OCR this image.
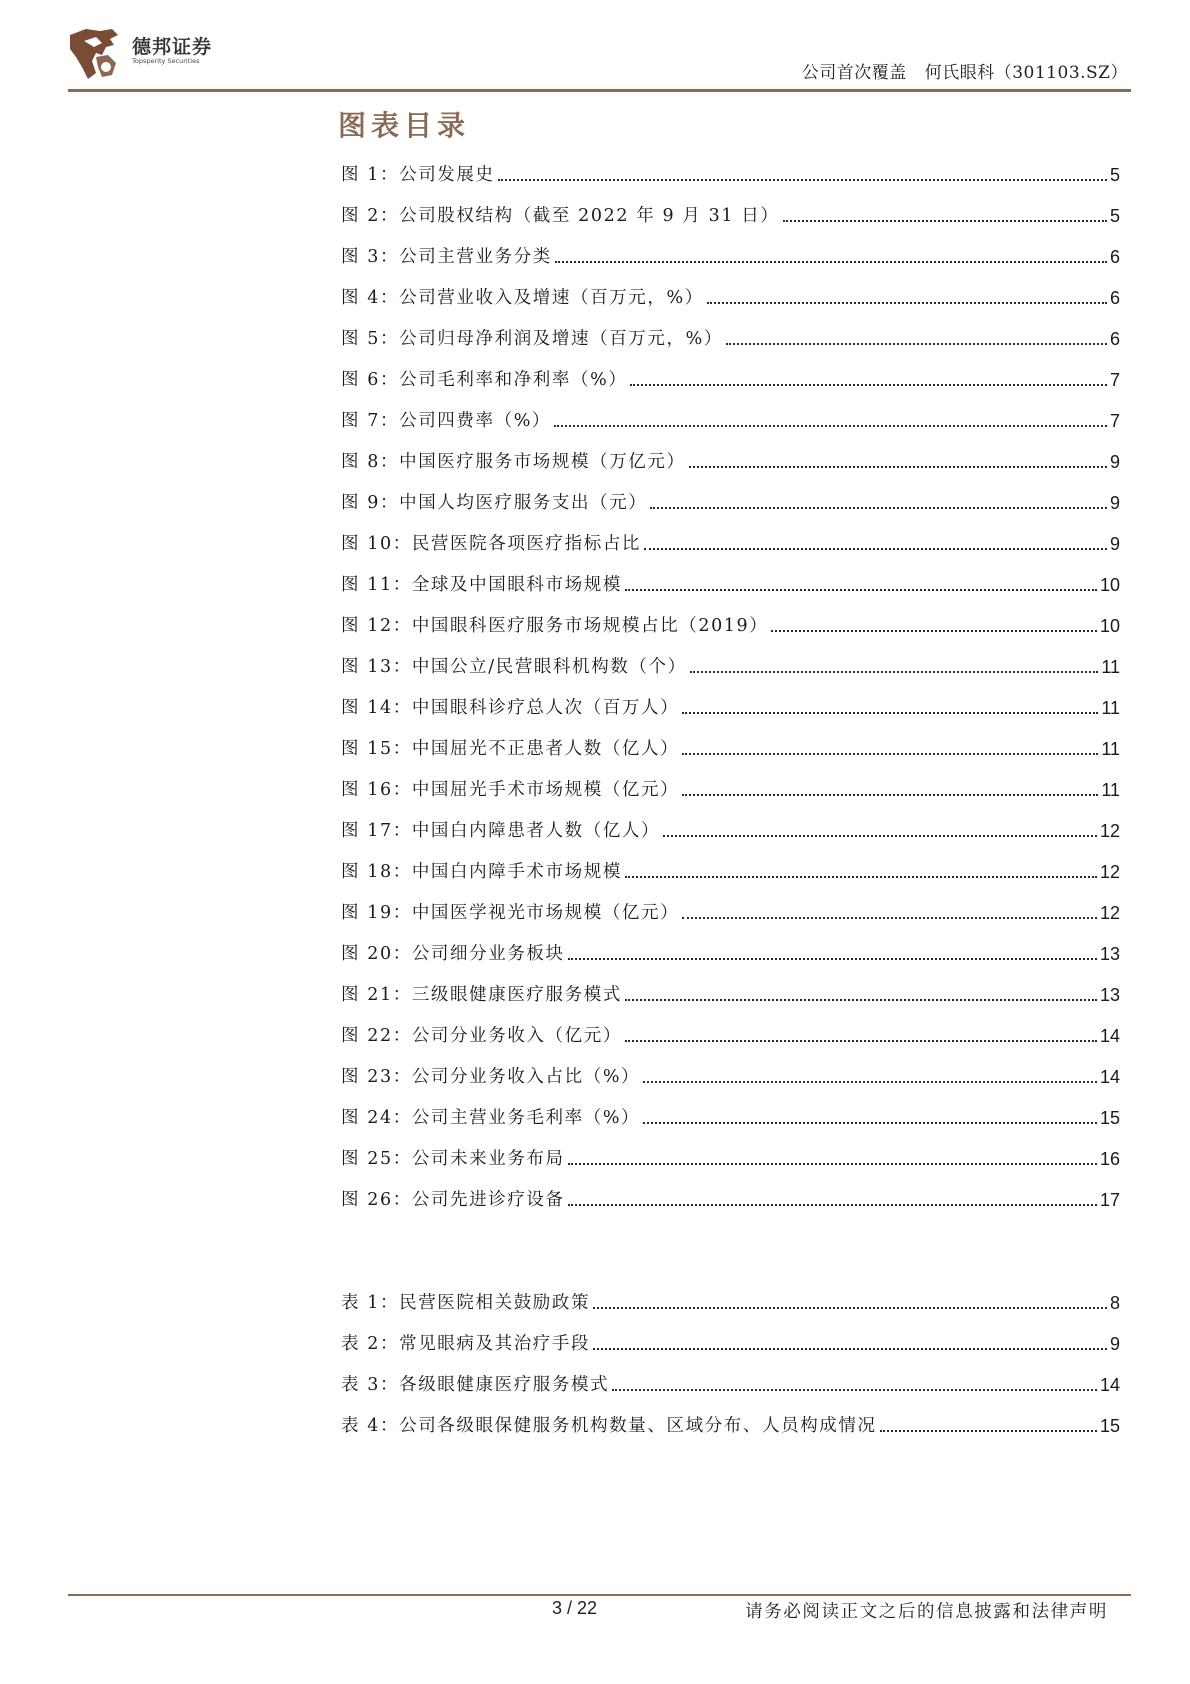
德邦证券
Topsperity Securities
公司首次覆盖 何氏眼科（301103.SZ）
图表目录
图 1：公司发展史	5
图 2：公司股权结构（截至 2022 年 9 月 31 日）	5
图 3：公司主营业务分类	6
图 4：公司营业收入及增速（百万元，%）	6
图 5：公司归母净利润及增速（百万元，%）	6
图 6：公司毛利率和净利率（%）	7
图 7：公司四费率（%）	7
图 8：中国医疗服务市场规模（万亿元）	9
图 9：中国人均医疗服务支出（元）	9
图 10：民营医院各项医疗指标占比	9
图 11：全球及中国眼科市场规模	10
图 12：中国眼科医疗服务市场规模占比（2019）	10
图 13：中国公立/民营眼科机构数（个）	11
图 14：中国眼科诊疗总人次（百万人）	11
图 15：中国屈光不正患者人数（亿人）	11
图 16：中国屈光手术市场规模（亿元）	11
图 17：中国白内障患者人数（亿人）	12
图 18：中国白内障手术市场规模	12
图 19：中国医学视光市场规模（亿元）	12
图 20：公司细分业务板块	13
图 21：三级眼健康医疗服务模式	13
图 22：公司分业务收入（亿元）	14
图 23：公司分业务收入占比（%）	14
图 24：公司主营业务毛利率（%）	15
图 25：公司未来业务布局	16
图 26：公司先进诊疗设备	17
表 1：民营医院相关鼓励政策	8
表 2：常见眼病及其治疗手段	9
表 3：各级眼健康医疗服务模式	14
表 4：公司各级眼保健服务机构数量、区域分布、人员构成情况	15
3 / 22	请务必阅读正文之后的信息披露和法律声明
